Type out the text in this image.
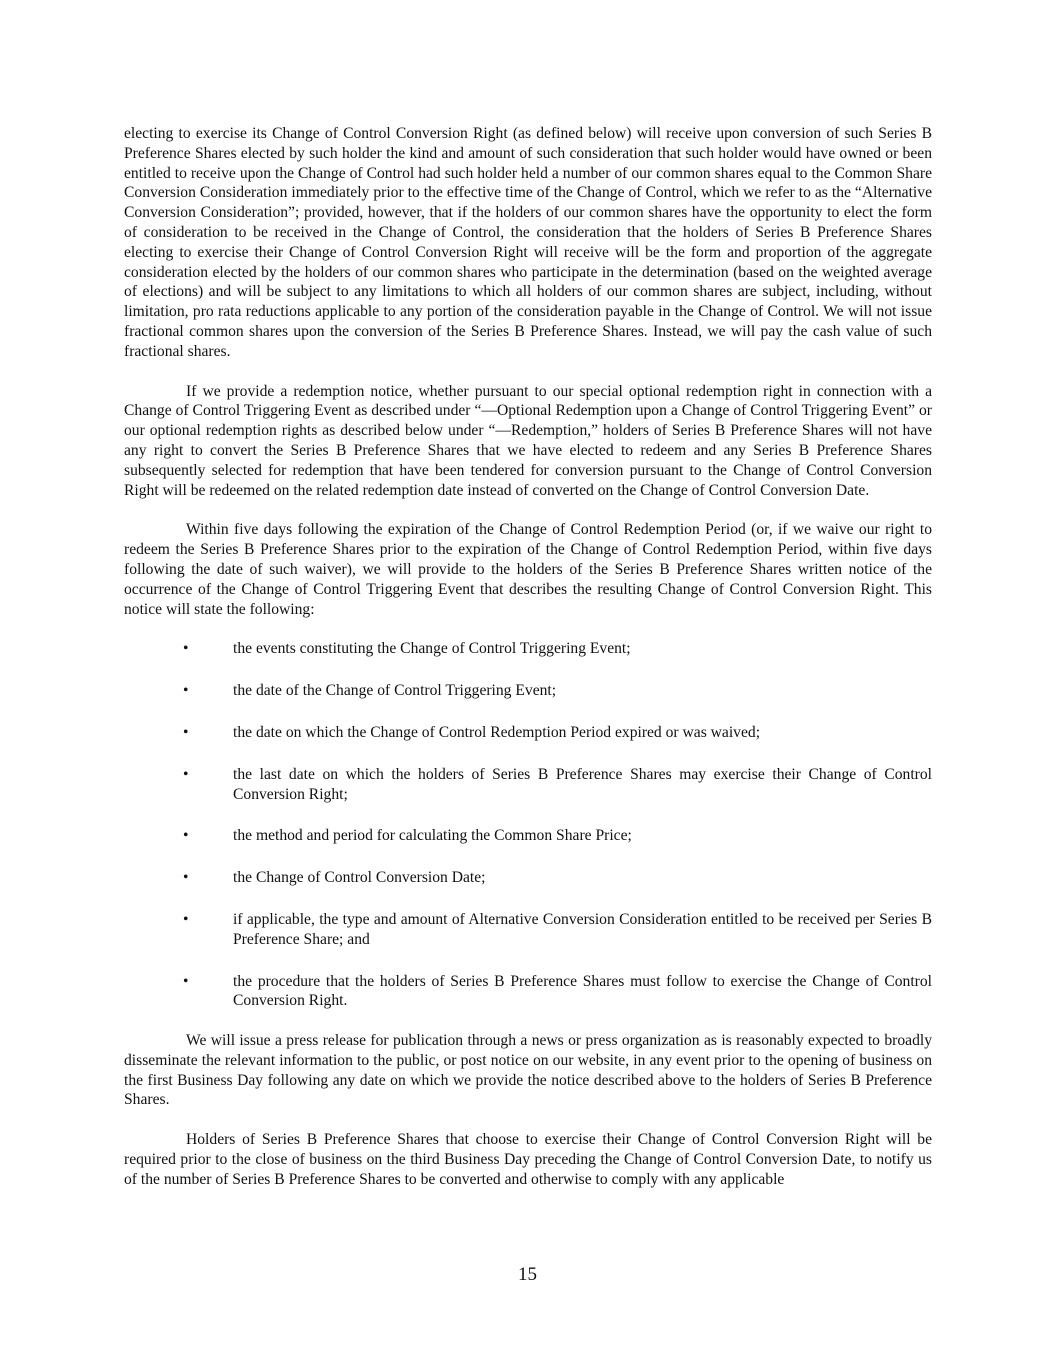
electing to exercise its Change of Control Conversion Right (as defined below) will receive upon conversion of such Series B Preference Shares elected by such holder the kind and amount of such consideration that such holder would have owned or been entitled to receive upon the Change of Control had such holder held a number of our common shares equal to the Common Share Conversion Consideration immediately prior to the effective time of the Change of Control, which we refer to as the “Alternative Conversion Consideration”; provided, however, that if the holders of our common shares have the opportunity to elect the form of consideration to be received in the Change of Control, the consideration that the holders of Series B Preference Shares electing to exercise their Change of Control Conversion Right will receive will be the form and proportion of the aggregate consideration elected by the holders of our common shares who participate in the determination (based on the weighted average of elections) and will be subject to any limitations to which all holders of our common shares are subject, including, without limitation, pro rata reductions applicable to any portion of the consideration payable in the Change of Control. We will not issue fractional common shares upon the conversion of the Series B Preference Shares. Instead, we will pay the cash value of such fractional shares.

If we provide a redemption notice, whether pursuant to our special optional redemption right in connection with a Change of Control Triggering Event as described under “—Optional Redemption upon a Change of Control Triggering Event” or our optional redemption rights as described below under “—Redemption,” holders of Series B Preference Shares will not have any right to convert the Series B Preference Shares that we have elected to redeem and any Series B Preference Shares subsequently selected for redemption that have been tendered for conversion pursuant to the Change of Control Conversion Right will be redeemed on the related redemption date instead of converted on the Change of Control Conversion Date.

Within five days following the expiration of the Change of Control Redemption Period (or, if we waive our right to redeem the Series B Preference Shares prior to the expiration of the Change of Control Redemption Period, within five days following the date of such waiver), we will provide to the holders of the Series B Preference Shares written notice of the occurrence of the Change of Control Triggering Event that describes the resulting Change of Control Conversion Right. This notice will state the following:

•	the events constituting the Change of Control Triggering Event;
•	the date of the Change of Control Triggering Event;
•	the date on which the Change of Control Redemption Period expired or was waived;
•	the last date on which the holders of Series B Preference Shares may exercise their Change of Control Conversion Right;
•	the method and period for calculating the Common Share Price;
•	the Change of Control Conversion Date;
•	if applicable, the type and amount of Alternative Conversion Consideration entitled to be received per Series B Preference Share; and
•	the procedure that the holders of Series B Preference Shares must follow to exercise the Change of Control Conversion Right.

We will issue a press release for publication through a news or press organization as is reasonably expected to broadly disseminate the relevant information to the public, or post notice on our website, in any event prior to the opening of business on the first Business Day following any date on which we provide the notice described above to the holders of Series B Preference Shares.

Holders of Series B Preference Shares that choose to exercise their Change of Control Conversion Right will be required prior to the close of business on the third Business Day preceding the Change of Control Conversion Date, to notify us of the number of Series B Preference Shares to be converted and otherwise to comply with any applicable

15
